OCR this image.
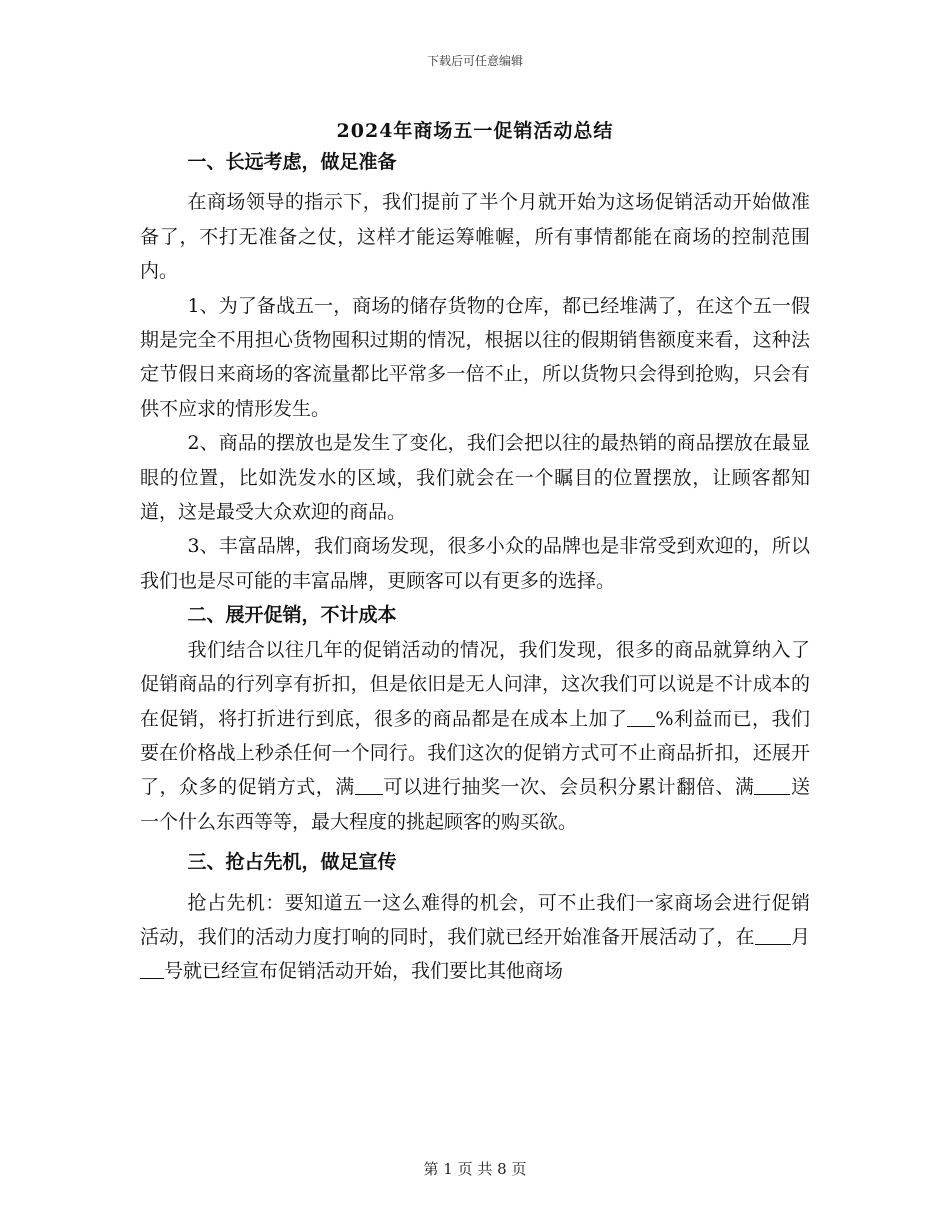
下载后可任意编辑
2024年商场五一促销活动总结

一、长远考虑，做足准备

在商场领导的指示下，我们提前了半个月就开始为这场促销活动开始做准备了，不打无准备之仗，这样才能运筹帷幄，所有事情都能在商场的控制范围内。

1、为了备战五一，商场的储存货物的仓库，都已经堆满了，在这个五一假期是完全不用担心货物囤积过期的情况，根据以往的假期销售额度来看，这种法定节假日来商场的客流量都比平常多一倍不止，所以货物只会得到抢购，只会有供不应求的情形发生。

2、商品的摆放也是发生了变化，我们会把以往的最热销的商品摆放在最显眼的位置，比如洗发水的区域，我们就会在一个瞩目的位置摆放，让顾客都知道，这是最受大众欢迎的商品。

3、丰富品牌，我们商场发现，很多小众的品牌也是非常受到欢迎的，所以我们也是尽可能的丰富品牌，更顾客可以有更多的选择。

二、展开促销，不计成本

我们结合以往几年的促销活动的情况，我们发现，很多的商品就算纳入了促销商品的行列享有折扣，但是依旧是无人问津，这次我们可以说是不计成本的在促销，将打折进行到底，很多的商品都是在成本上加了 %利益而已，我们要在价格战上秒杀任何一个同行。我们这次的促销方式可不止商品折扣，还展开了，众多的促销方式，满 可以进行抽奖一次、会员积分累计翻倍、满 送一个什么东西等等，最大程度的挑起顾客的购买欲。

三、抢占先机，做足宣传

抢占先机：要知道五一这么难得的机会，可不止我们一家商场会进行促销活动，我们的活动力度打响的同时，我们就已经开始准备开展活动了，在 月号就已经宣布促销活动开始，我们要比其他商场

第 1 页 共 8 页
